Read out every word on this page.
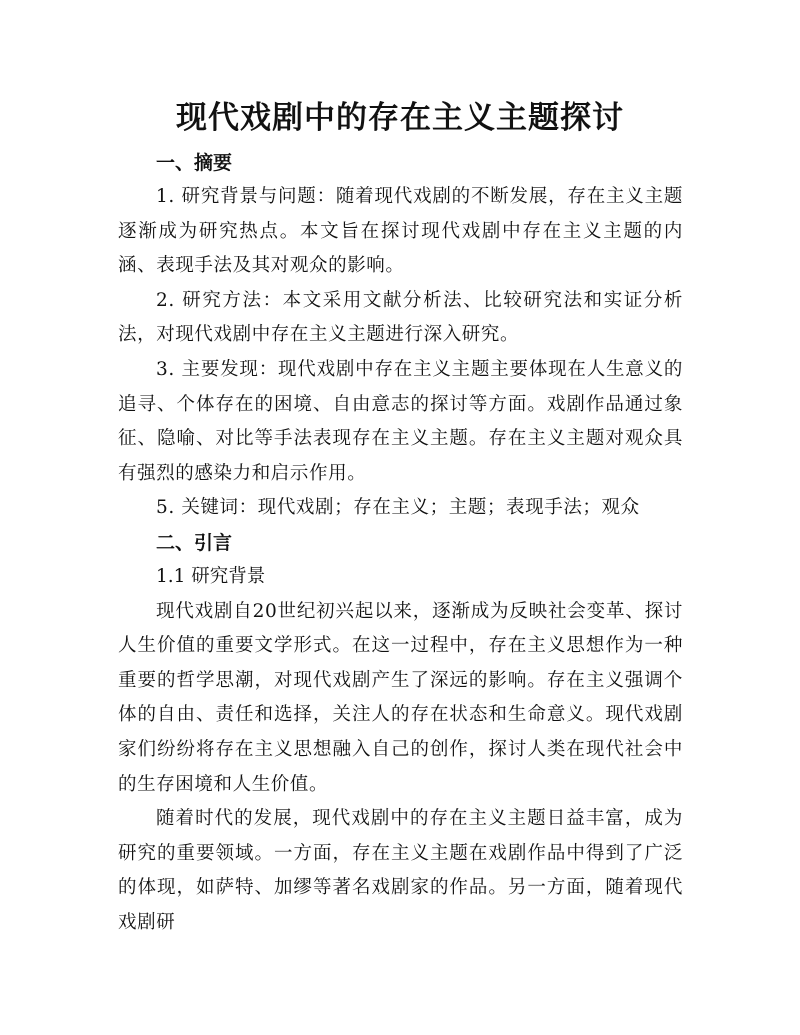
现代戏剧中的存在主义主题探讨
一、摘要

1. 研究背景与问题：随着现代戏剧的不断发展，存在主义主题逐渐成为研究热点。本文旨在探讨现代戏剧中存在主义主题的内涵、表现手法及其对观众的影响。

2. 研究方法：本文采用文献分析法、比较研究法和实证分析法，对现代戏剧中存在主义主题进行深入研究。

3. 主要发现：现代戏剧中存在主义主题主要体现在人生意义的追寻、个体存在的困境、自由意志的探讨等方面。戏剧作品通过象征、隐喻、对比等手法表现存在主义主题。存在主义主题对观众具有强烈的感染力和启示作用。

5. 关键词：现代戏剧；存在主义；主题；表现手法；观众

二、引言

1.1 研究背景

现代戏剧自20世纪初兴起以来，逐渐成为反映社会变革、探讨人生价值的重要文学形式。在这一过程中，存在主义思想作为一种重要的哲学思潮，对现代戏剧产生了深远的影响。存在主义强调个体的自由、责任和选择，关注人的存在状态和生命意义。现代戏剧家们纷纷将存在主义思想融入自己的创作，探讨人类在现代社会中的生存困境和人生价值。

随着时代的发展，现代戏剧中的存在主义主题日益丰富，成为研究的重要领域。一方面，存在主义主题在戏剧作品中得到了广泛的体现，如萨特、加缪等著名戏剧家的作品。另一方面，随着现代戏剧研
